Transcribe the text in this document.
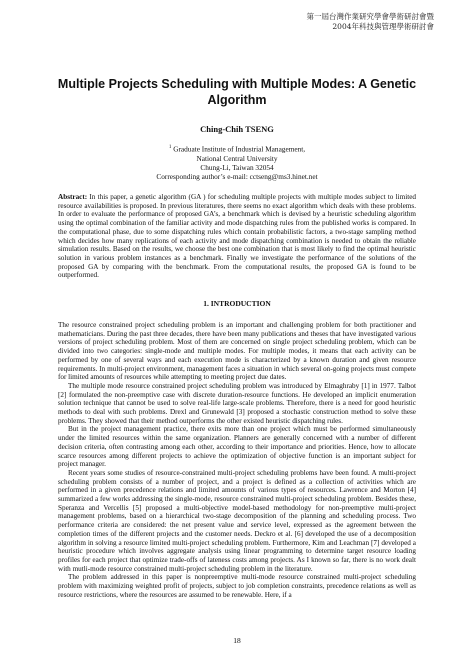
第一屆台灣作業研究學會學術研討會暨
2004年科技與管理學術研討會
Multiple Projects Scheduling with Multiple Modes: A Genetic Algorithm
Ching-Chih TSENG
$^1$ Graduate Institute of Industrial Management,
National Central University
Chung-Li, Taiwan 32054
Corresponding author’s e-mail: cctseng@ms3.hinet.net

Abstract: In this paper, a genetic algorithm (GA ) for scheduling multiple projects with multiple modes subject to limited resource availabilities is proposed. In previous literatures, there seems no exact algorithm which deals with these problems. In order to evaluate the performance of proposed GA’s, a benchmark which is devised by a heuristic scheduling algorithm using the optimal combination of the familiar activity and mode dispatching rules from the published works is compared. In the computational phase, due to some dispatching rules which contain probabilistic factors, a two-stage sampling method which decides how many replications of each activity and mode dispatching combination is needed to obtain the reliable simulation results. Based on the results, we choose the best one combination that is most likely to find the optimal heuristic solution in various problem instances as a benchmark. Finally we investigate the performance of the solutions of the proposed GA by comparing with the benchmark. From the computational results, the proposed GA is found to be outperformed.

1. INTRODUCTION

The resource constrained project scheduling problem is an important and challenging problem for both practitioner and mathematicians. During the past three decades, there have been many publications and theses that have investigated various versions of project scheduling problem. Most of them are concerned on single project scheduling problem, which can be divided into two categories: single-mode and multiple modes. For multiple modes, it means that each activity can be performed by one of several ways and each execution mode is characterized by a known duration and given resource requirements. In multi-project environment, management faces a situation in which several on-going projects must compete for limited amounts of resources while attempting to meeting project due dates.

The multiple mode resource constrained project scheduling problem was introduced by Elmaghraby [1] in 1977. Talbot [2] formulated the non-preemptive case with discrete duration-resource functions. He developed an implicit enumeration solution technique that cannot be used to solve real-life large-scale problems. Therefore, there is a need for good heuristic methods to deal with such problems. Drexl and Grunewald [3] proposed a stochastic construction method to solve these problems. They showed that their method outperforms the other existed heuristic dispatching rules.

But in the project management practice, there exits more than one project which must be performed simultaneously under the limited resources within the same organization. Planners are generally concerned with a number of different decision criteria, often contrasting among each other, according to their importance and priorities. Hence, how to allocate scarce resources among different projects to achieve the optimization of objective function is an important subject for project manager.

Recent years some studies of resource-constrained multi-project scheduling problems have been found. A multi-project scheduling problem consists of a number of project, and a project is defined as a collection of activities which are performed in a given precedence relations and limited amounts of various types of resources. Lawrence and Morton [4] summarized a few works addressing the single-mode, resource constrained multi-project scheduling problem. Besides these, Speranza and Vercellis [5] proposed a multi-objective model-based methodology for non-preemptive multi-project management problems, based on a hierarchical two-stage decomposition of the planning and scheduling process. Two performance criteria are considered: the net present value and service level, expressed as the agreement between the completion times of the different projects and the customer needs. Deckro et al. [6] developed the use of a decomposition algorithm in solving a resource limited multi-project scheduling problem. Furthermore, Kim and Leachman [7] developed a heuristic procedure which involves aggregate analysis using linear programming to determine target resource loading profiles for each project that optimize trade-offs of lateness costs among projects. As I known so far, there is no work dealt with mutli-mode resource constrained multi-project scheduling problem in the literature.

The problem addressed in this paper is nonpreemptive multi-mode resource constrained multi-project scheduling problem with maximizing weighted profit of projects, subject to job completion constraints, precedence relations as well as resource restrictions, where the resources are assumed to be renewable. Here, if a

18
